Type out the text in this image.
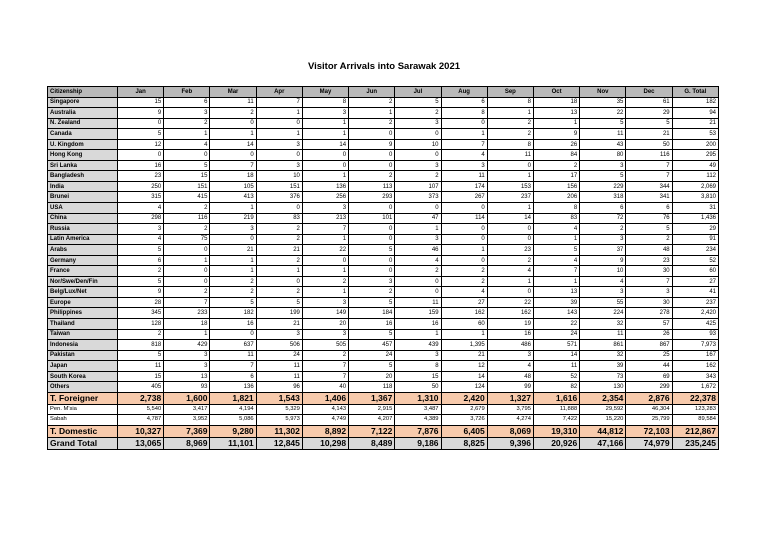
Visitor Arrivals into Sarawak 2021
Citizenship	Jan	Feb	Mar	Apr	May	Jun	Jul	Aug	Sep	Oct	Nov	Dec	G. Total
Singapore	15	6	11	7	8	2	5	6	8	18	35	61	182
Australia	9	3	2	1	3	1	2	8	1	13	22	29	94
N. Zealand	0	2	0	0	1	2	3	0	2	1	5	5	21
Canada	5	1	1	1	1	0	0	1	2	9	11	21	53
U. Kingdom	12	4	14	3	14	9	10	7	8	26	43	50	200
Hong Kong	0	0	0	0	0	0	0	4	11	84	80	116	295
Sri Lanka	16	5	7	3	0	0	3	3	0	2	3	7	49
Bangladesh	23	15	18	10	1	2	2	11	1	17	5	7	112
India	250	151	105	151	136	113	107	174	153	156	229	344	2,069
Brunei	315	415	413	376	256	293	373	267	237	206	318	341	3,810
USA	4	2	1	0	3	0	0	0	1	8	6	6	31
China	298	116	219	83	213	101	47	114	14	83	72	76	1,436
Russia	3	2	3	2	7	0	1	0	0	4	2	5	29
Latin America	4	75	0	2	1	0	3	0	0	1	3	2	91
Arabs	5	0	21	21	22	5	46	1	23	5	37	48	234
Germany	6	1	1	2	0	0	4	0	2	4	9	23	52
France	2	0	1	1	1	0	2	2	4	7	10	30	60
Nor/Swe/Den/Fin	5	0	2	0	2	3	0	2	1	1	4	7	27
Belg/Lux/Net	9	2	2	2	1	2	0	4	0	13	3	3	41
Europe	28	7	5	5	3	5	11	27	22	39	55	30	237
Philippines	345	233	182	199	149	184	159	162	162	143	224	278	2,420
Thailand	128	18	16	21	20	16	16	60	19	22	32	57	425
Taiwan	2	1	0	3	3	5	1	1	16	24	11	26	93
Indonesia	818	429	637	506	505	457	439	1,395	486	571	861	867	7,973
Pakistan	5	3	11	24	2	24	3	21	3	14	32	25	167
Japan	11	3	7	11	7	5	8	12	4	11	39	44	162
South Korea	15	13	6	11	7	20	15	14	48	52	73	69	343
Others	405	93	136	96	40	118	50	124	99	82	130	299	1,672
T. Foreigner	2,738	1,600	1,821	1,543	1,406	1,367	1,310	2,420	1,327	1,616	2,354	2,876	22,378
Pen. M'sia	5,540	3,417	4,194	5,329	4,143	2,915	3,487	2,679	3,795	11,888	29,592	46,304	123,283
Sabah	4,787	3,952	5,086	5,973	4,749	4,207	4,389	3,726	4,274	7,422	15,220	25,799	89,584
T. Domestic	10,327	7,369	9,280	11,302	8,892	7,122	7,876	6,405	8,069	19,310	44,812	72,103	212,867
Grand Total	13,065	8,969	11,101	12,845	10,298	8,489	9,186	8,825	9,396	20,926	47,166	74,979	235,245
